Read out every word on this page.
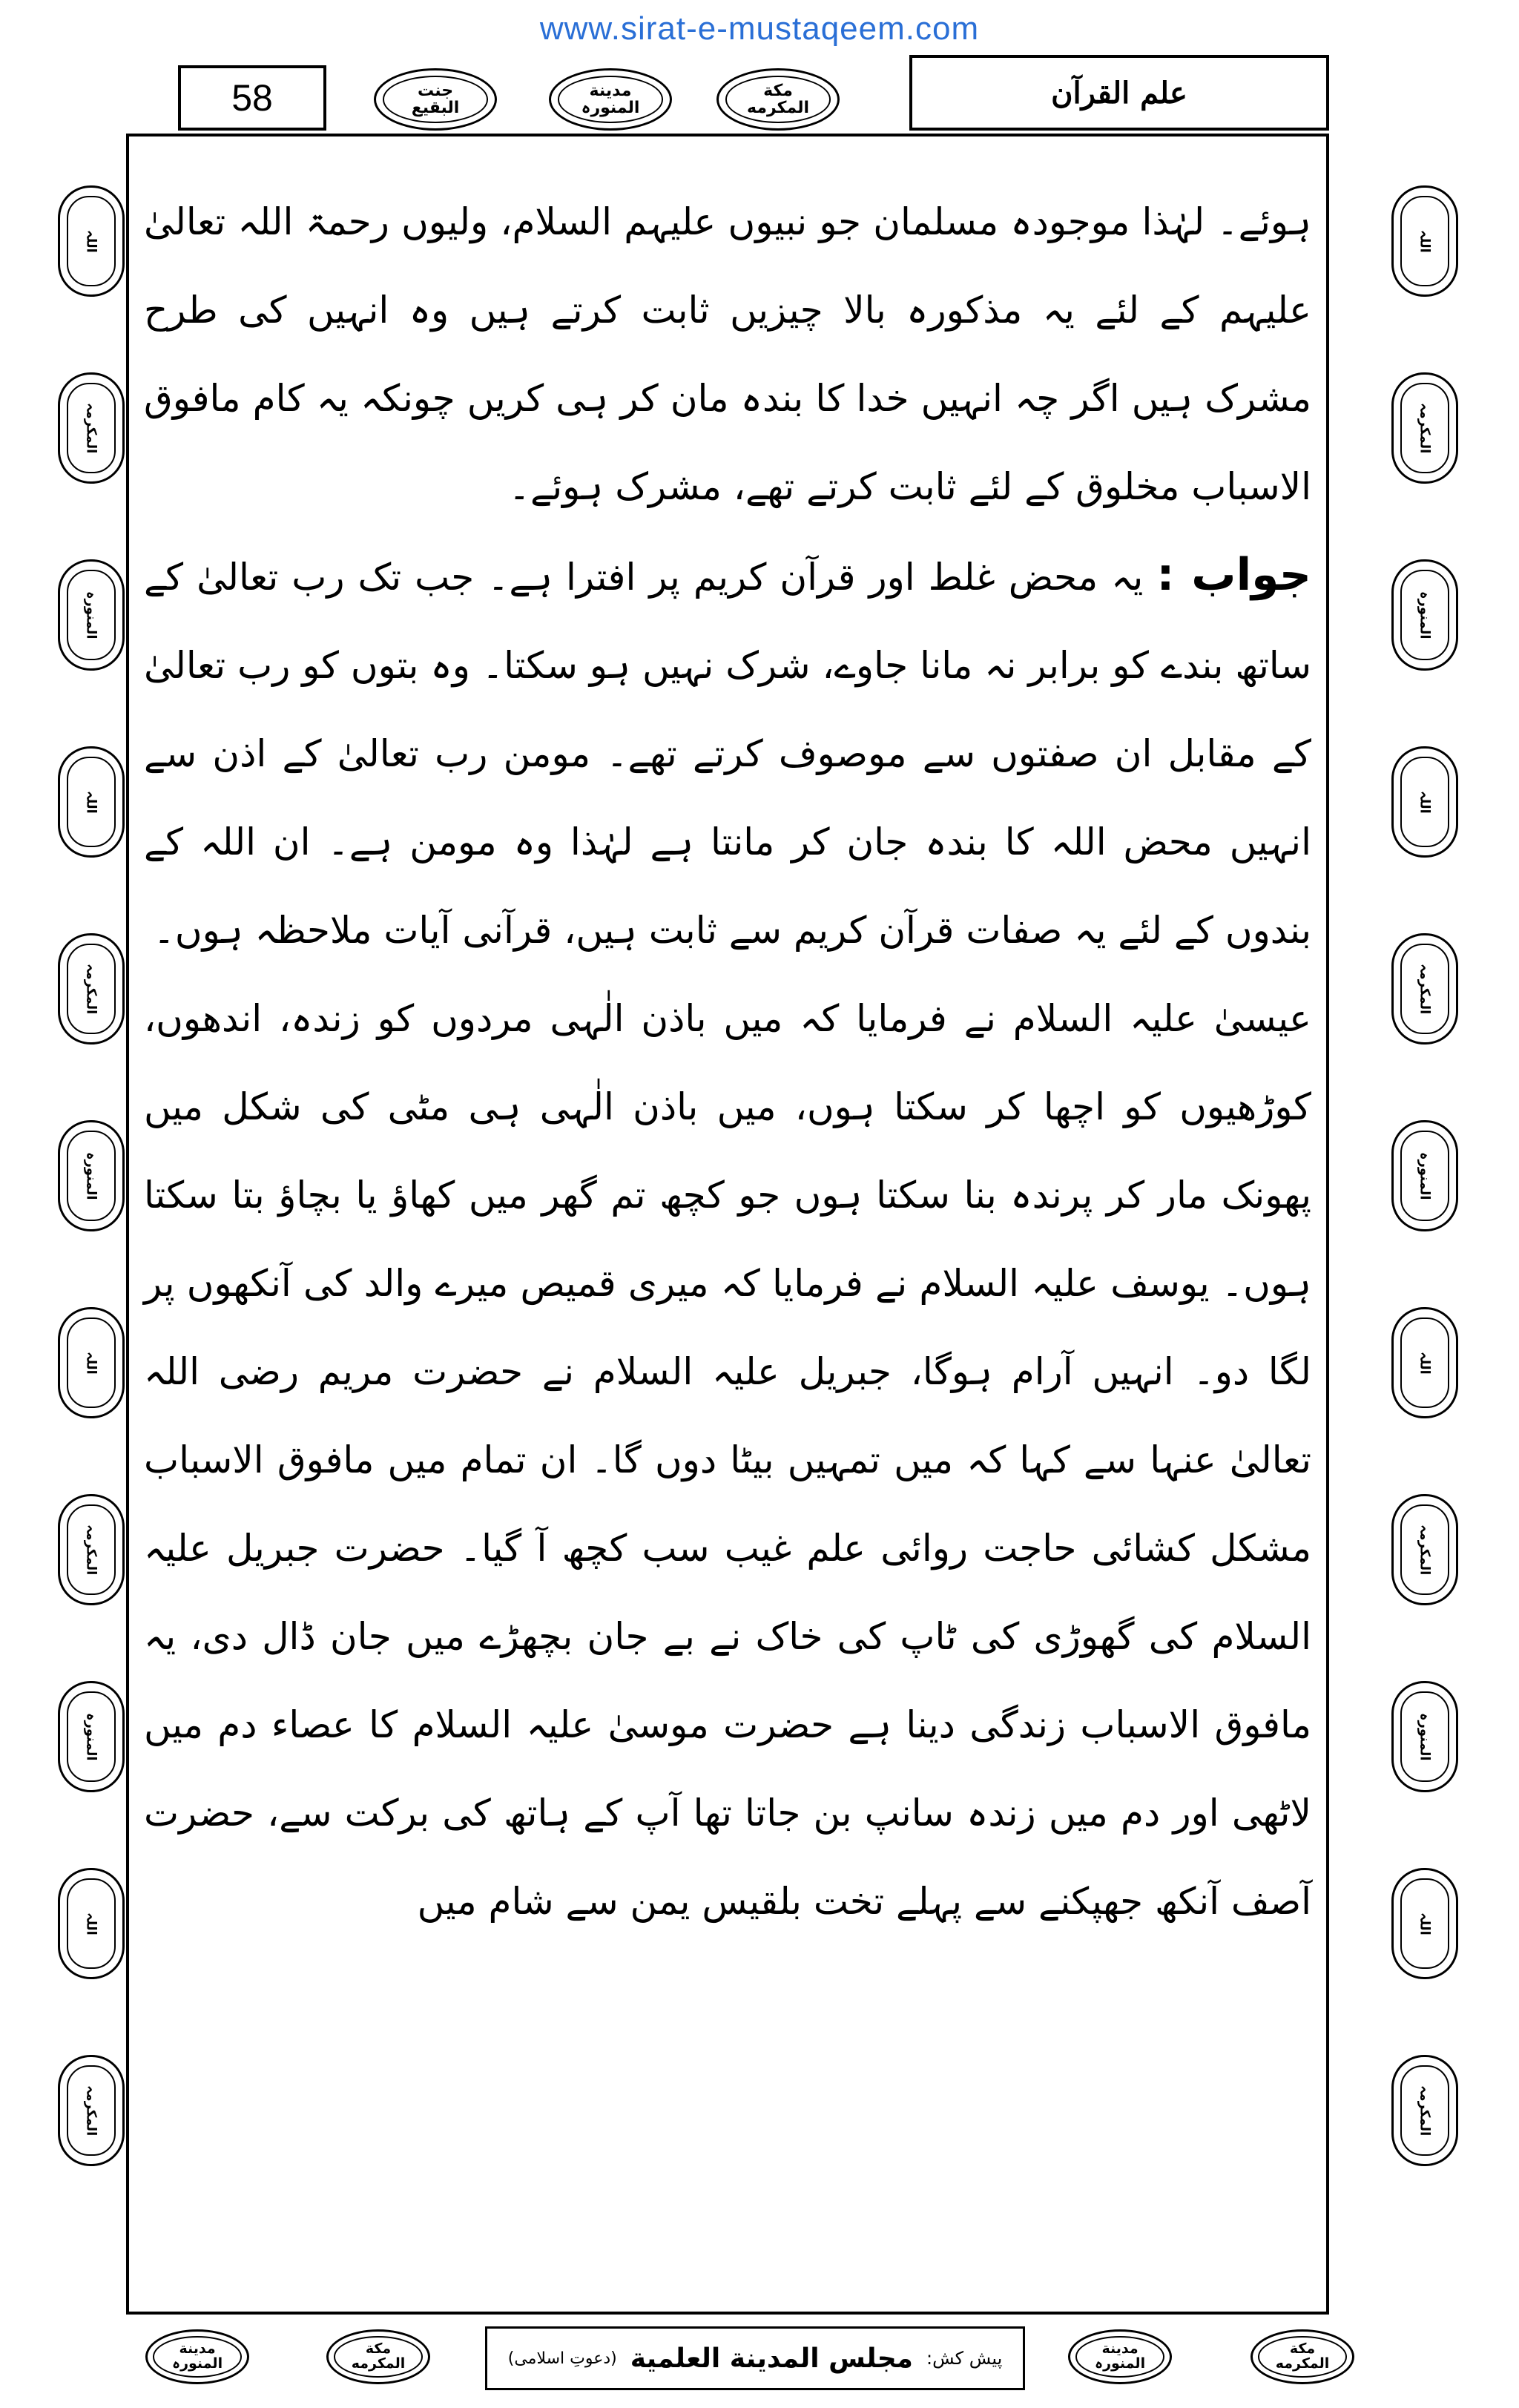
www.sirat-e-mustaqeem.com
58	جنت
البقيع
مدينة
المنورہ
مكة
المكرمه	علم القرآن

ہوئے۔ لہٰذا موجودہ مسلمان جو نبیوں علیہم السلام، ولیوں رحمۃ اللہ تعالیٰ علیہم کے لئے یہ مذکورہ بالا چیزیں ثابت کرتے ہیں وہ انہیں کی طرح مشرک ہیں اگر چہ انہیں خدا کا بندہ مان کر ہی کریں چونکہ یہ کام مافوق الاسباب مخلوق کے لئے ثابت کرتے تھے، مشرک ہوئے۔

جواب : یہ محض غلط اور قرآن کریم پر افترا ہے۔ جب تک رب تعالیٰ کے ساتھ بندے کو برابر نہ مانا جاوے، شرک نہیں ہو سکتا۔ وہ بتوں کو رب تعالیٰ کے مقابل ان صفتوں سے موصوف کرتے تھے۔ مومن رب تعالیٰ کے اذن سے انہیں محض اللہ کا بندہ جان کر مانتا ہے لہٰذا وہ مومن ہے۔ ان اللہ کے بندوں کے لئے یہ صفات قرآن کریم سے ثابت ہیں، قرآنی آیات ملاحظہ ہوں۔

عیسیٰ علیہ السلام نے فرمایا کہ میں باذن الٰہی مردوں کو زندہ، اندھوں، کوڑھیوں کو اچھا کر سکتا ہوں، میں باذن الٰہی ہی مٹی کی شکل میں پھونک مار کر پرندہ بنا سکتا ہوں جو کچھ تم گھر میں کھاؤ یا بچاؤ بتا سکتا ہوں۔ یوسف علیہ السلام نے فرمایا کہ میری قمیص میرے والد کی آنکھوں پر لگا دو۔ انہیں آرام ہوگا، جبریل علیہ السلام نے حضرت مریم رضی اللہ تعالیٰ عنہا سے کہا کہ میں تمہیں بیٹا دوں گا۔ ان تمام میں مافوق الاسباب مشکل کشائی حاجت روائی علم غیب سب کچھ آ گیا۔ حضرت جبریل علیہ السلام کی گھوڑی کی ٹاپ کی خاک نے بے جان بچھڑے میں جان ڈال دی، یہ مافوق الاسباب زندگی دینا ہے حضرت موسیٰ علیہ السلام کا عصاء دم میں لاٹھی اور دم میں زندہ سانپ بن جاتا تھا آپ کے ہاتھ کی برکت سے، حضرت آصف آنکھ جھپکنے سے پہلے تخت بلقیس یمن سے شام میں

اللہ
المکرمہ
المنورہ
اللہ
المکرمہ
المنورہ
اللہ
المکرمہ
المنورہ
اللہ
المکرمہ
اللہ
المکرمہ
المنورہ
اللہ
المکرمہ
المنورہ
اللہ
المکرمہ
المنورہ
اللہ
المکرمہ
مدينة
المنورہ
مكة
المكرمه	پیش کش:
مجلس المدينة العلمية
(دعوتِ اسلامی)
مدينة
المنورہ
مكة
المكرمه
